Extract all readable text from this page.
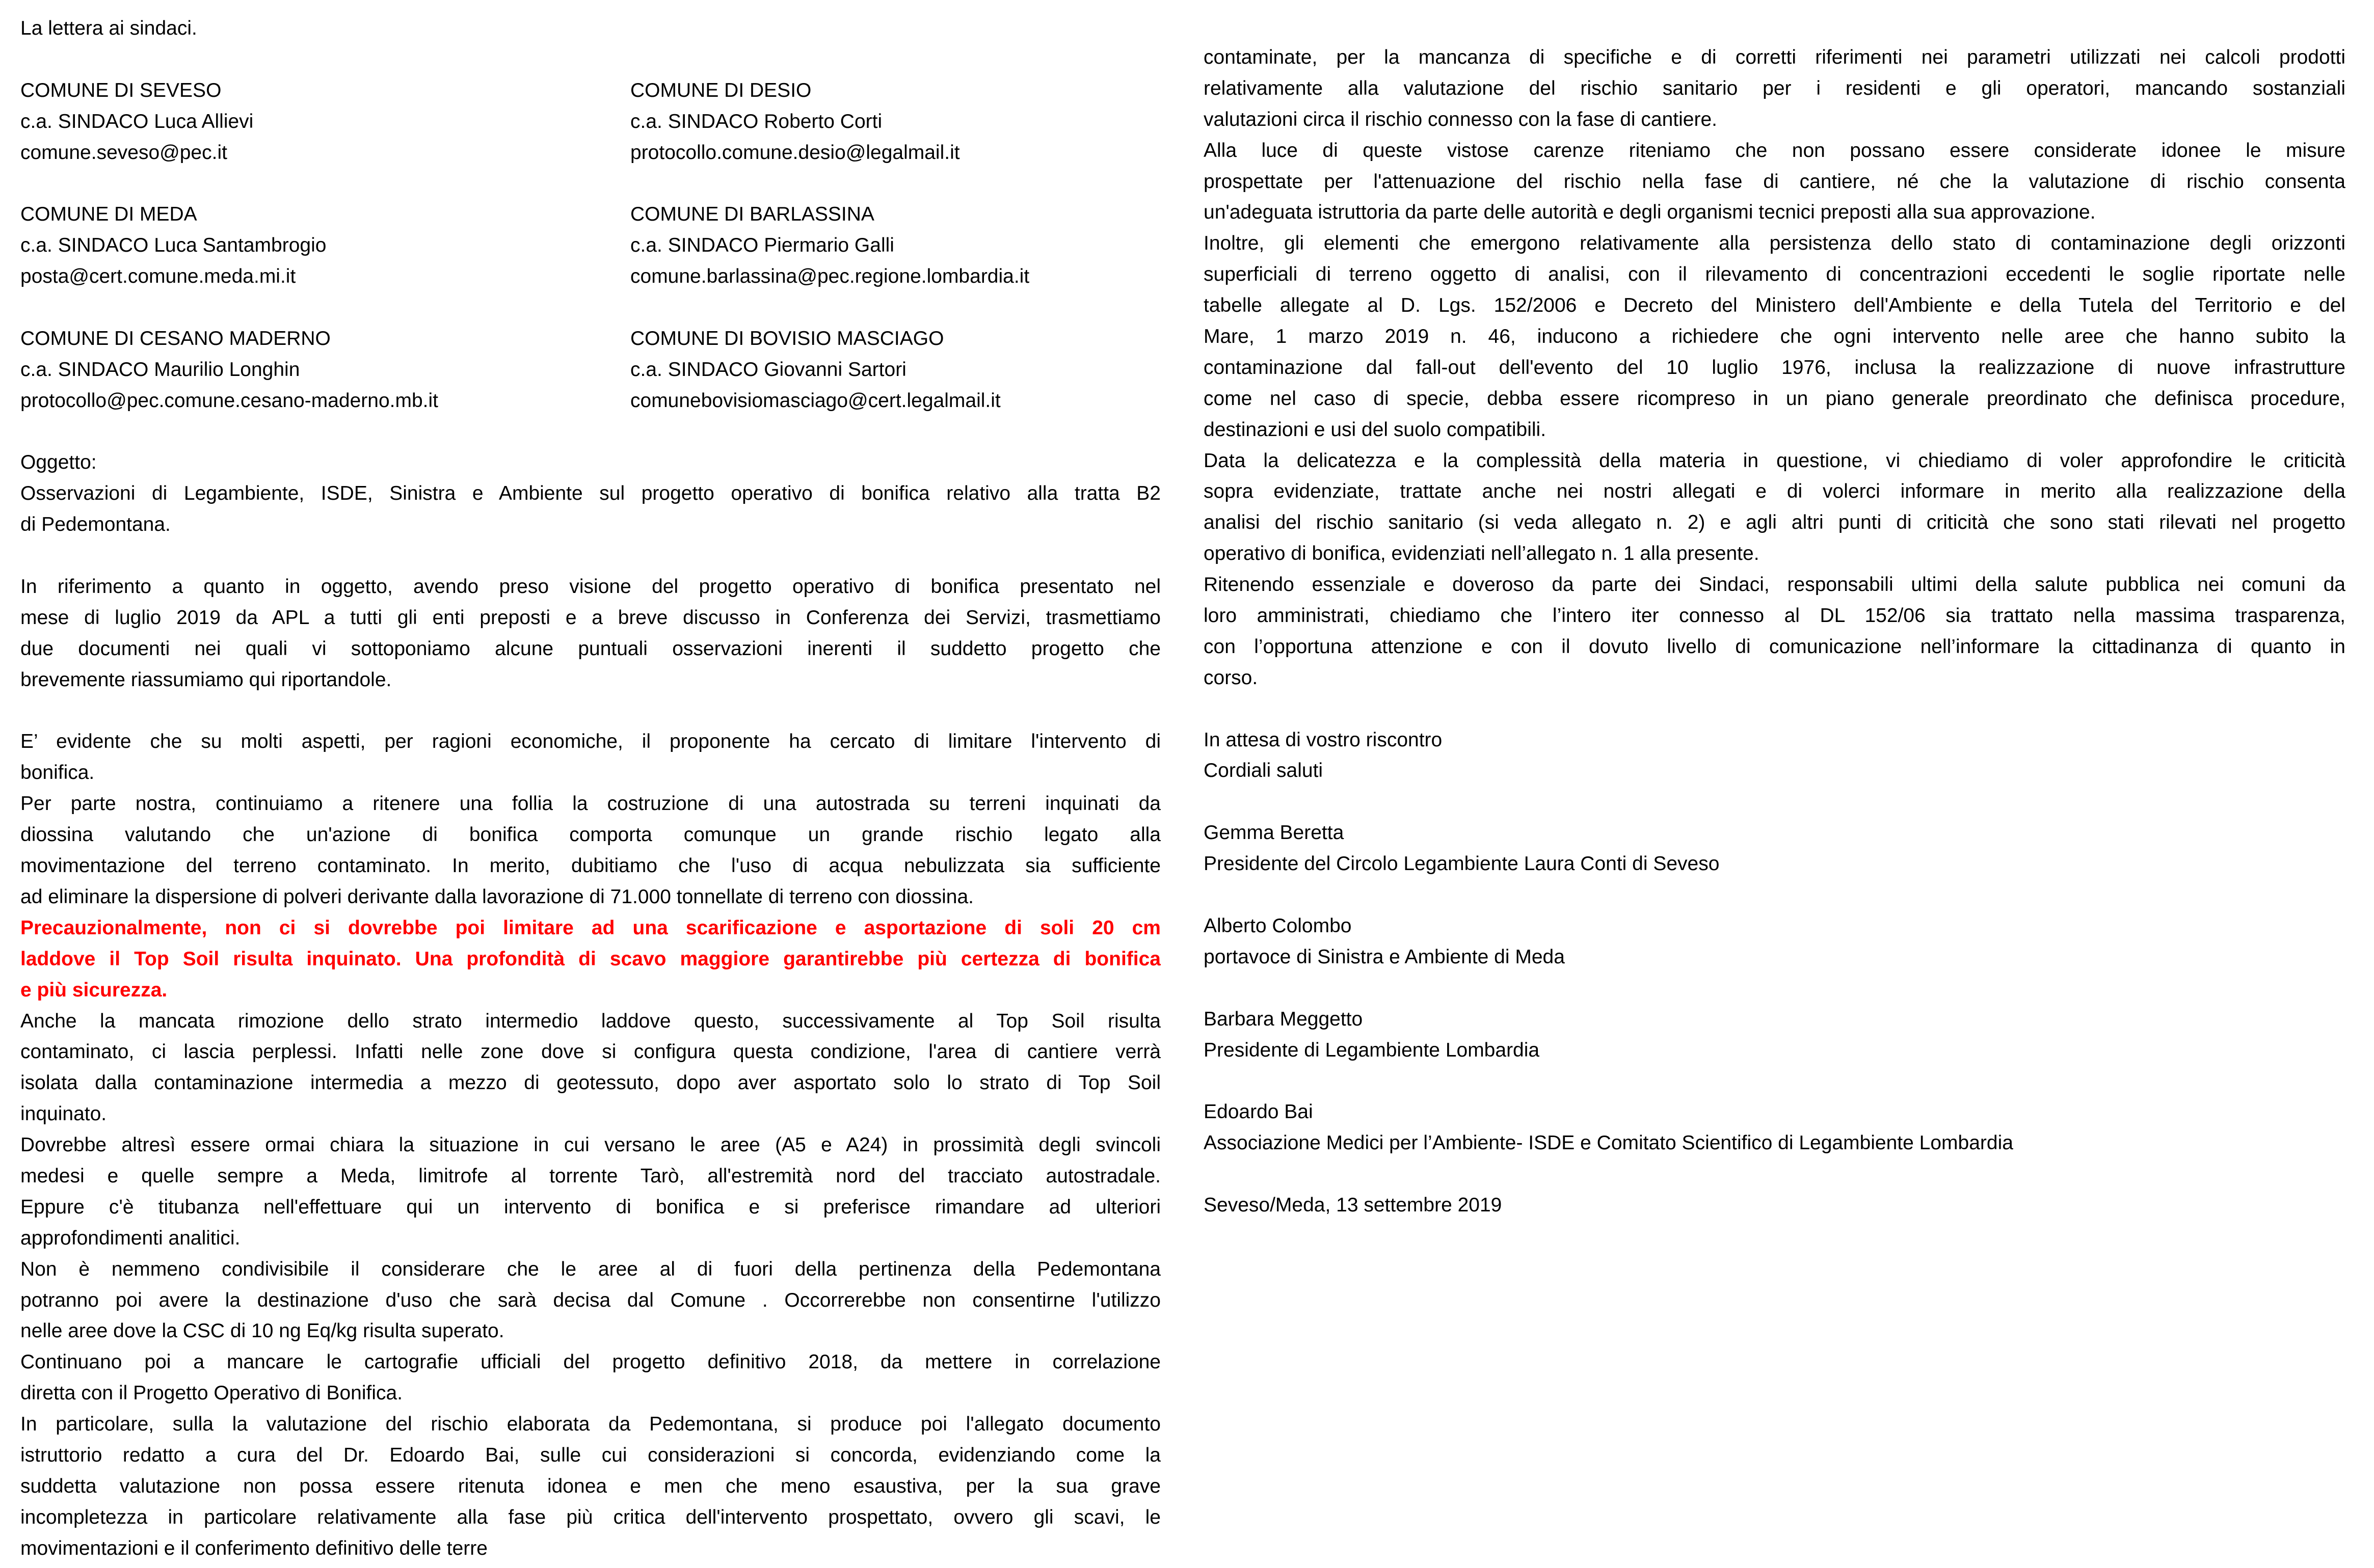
La lettera ai sindaci.
COMUNE DI SEVESO	COMUNE DI DESIO
c.a. SINDACO Luca Allievi	c.a. SINDACO Roberto Corti
comune.seveso@pec.it	protocollo.comune.desio@legalmail.it
COMUNE DI MEDA	COMUNE DI BARLASSINA
c.a. SINDACO Luca Santambrogio	c.a. SINDACO Piermario Galli
posta@cert.comune.meda.mi.it	comune.barlassina@pec.regione.lombardia.it
COMUNE DI CESANO MADERNO	COMUNE DI BOVISIO MASCIAGO
c.a. SINDACO Maurilio Longhin	c.a. SINDACO Giovanni Sartori
protocollo@pec.comune.cesano-maderno.mb.it	comunebovisiomasciago@cert.legalmail.it
Oggetto:
Osservazioni di Legambiente, ISDE, Sinistra e Ambiente sul progetto operativo di bonifica relativo alla tratta B2
di Pedemontana.
In riferimento a quanto in oggetto, avendo preso visione del progetto operativo di bonifica presentato nel
mese di luglio 2019 da APL a tutti gli enti preposti e a breve discusso in Conferenza dei Servizi, trasmettiamo
due documenti nei quali vi sottoponiamo alcune puntuali osservazioni inerenti il suddetto progetto che
brevemente riassumiamo qui riportandole.
E’ evidente che su molti aspetti, per ragioni economiche, il proponente ha cercato di limitare l'intervento di
bonifica.
Per parte nostra, continuiamo a ritenere una follia la costruzione di una autostrada su terreni inquinati da
diossina valutando che un'azione di bonifica comporta comunque un grande rischio legato alla
movimentazione del terreno contaminato. In merito, dubitiamo che l'uso di acqua nebulizzata sia sufficiente
ad eliminare la dispersione di polveri derivante dalla lavorazione di 71.000 tonnellate di terreno con diossina.
Precauzionalmente, non ci si dovrebbe poi limitare ad una scarificazione e asportazione di soli 20 cm
laddove il Top Soil risulta inquinato. Una profondità di scavo maggiore garantirebbe più certezza di bonifica
e più sicurezza.
Anche la mancata rimozione dello strato intermedio laddove questo, successivamente al Top Soil risulta
contaminato, ci lascia perplessi. Infatti nelle zone dove si configura questa condizione, l'area di cantiere verrà
isolata dalla contaminazione intermedia a mezzo di geotessuto, dopo aver asportato solo lo strato di Top Soil
inquinato.
Dovrebbe altresì essere ormai chiara la situazione in cui versano le aree (A5 e A24) in prossimità degli svincoli
medesi e quelle sempre a Meda, limitrofe al torrente Tarò, all'estremità nord del tracciato autostradale.
Eppure c'è titubanza nell'effettuare qui un intervento di bonifica e si preferisce rimandare ad ulteriori
approfondimenti analitici.
Non è nemmeno condivisibile il considerare che le aree al di fuori della pertinenza della Pedemontana
potranno poi avere la destinazione d'uso che sarà decisa dal Comune . Occorrerebbe non consentirne l'utilizzo
nelle aree dove la CSC di 10 ng Eq/kg risulta superato.
Continuano poi a mancare le cartografie ufficiali del progetto definitivo 2018, da mettere in correlazione
diretta con il Progetto Operativo di Bonifica.
In particolare, sulla la valutazione del rischio elaborata da Pedemontana, si produce poi l'allegato documento
istruttorio redatto a cura del Dr. Edoardo Bai, sulle cui considerazioni si concorda, evidenziando come la
suddetta valutazione non possa essere ritenuta idonea e men che meno esaustiva, per la sua grave
incompletezza in particolare relativamente alla fase più critica dell'intervento prospettato, ovvero gli scavi, le
movimentazioni e il conferimento definitivo delle terre
contaminate, per la mancanza di specifiche e di corretti riferimenti nei parametri utilizzati nei calcoli prodotti
relativamente alla valutazione del rischio sanitario per i residenti e gli operatori, mancando sostanziali
valutazioni circa il rischio connesso con la fase di cantiere.
Alla luce di queste vistose carenze riteniamo che non possano essere considerate idonee le misure
prospettate per l'attenuazione del rischio nella fase di cantiere, né che la valutazione di rischio consenta
un'adeguata istruttoria da parte delle autorità e degli organismi tecnici preposti alla sua approvazione.
Inoltre, gli elementi che emergono relativamente alla persistenza dello stato di contaminazione degli orizzonti
superficiali di terreno oggetto di analisi, con il rilevamento di concentrazioni eccedenti le soglie riportate nelle
tabelle allegate al D. Lgs. 152/2006 e Decreto del Ministero dell'Ambiente e della Tutela del Territorio e del
Mare, 1 marzo 2019 n. 46, inducono a richiedere che ogni intervento nelle aree che hanno subito la
contaminazione dal fall-out dell'evento del 10 luglio 1976, inclusa la realizzazione di nuove infrastrutture
come nel caso di specie, debba essere ricompreso in un piano generale preordinato che definisca procedure,
destinazioni e usi del suolo compatibili.
Data la delicatezza e la complessità della materia in questione, vi chiediamo di voler approfondire le criticità
sopra evidenziate, trattate anche nei nostri allegati e di volerci informare in merito alla realizzazione della
analisi del rischio sanitario (si veda allegato n. 2) e agli altri punti di criticità che sono stati rilevati nel progetto
operativo di bonifica, evidenziati nell’allegato n. 1 alla presente.
Ritenendo essenziale e doveroso da parte dei Sindaci, responsabili ultimi della salute pubblica nei comuni da
loro amministrati, chiediamo che l’intero iter connesso al DL 152/06 sia trattato nella massima trasparenza,
con l’opportuna attenzione e con il dovuto livello di comunicazione nell’informare la cittadinanza di quanto in
corso.
In attesa di vostro riscontro
Cordiali saluti
Gemma Beretta
Presidente del Circolo Legambiente Laura Conti di Seveso
Alberto Colombo
portavoce di Sinistra e Ambiente di Meda
Barbara Meggetto
Presidente di Legambiente Lombardia
Edoardo Bai
Associazione Medici per l’Ambiente- ISDE e Comitato Scientifico di Legambiente Lombardia
Seveso/Meda, 13 settembre 2019
